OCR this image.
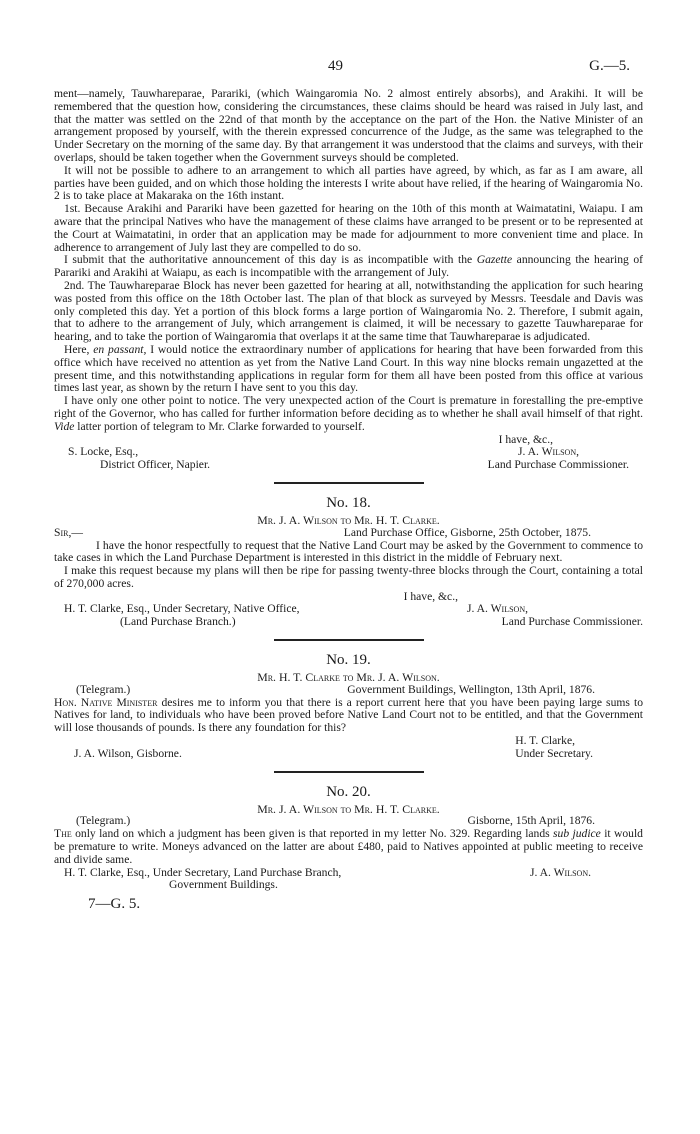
49	G.—5.

ment—namely, Tauwhareparae, Parariki, (which Waingaromia No. 2 almost entirely absorbs), and Arakihi. It will be remembered that the question how, considering the circumstances, these claims should be heard was raised in July last, and that the matter was settled on the 22nd of that month by the acceptance on the part of the Hon. the Native Minister of an arrangement proposed by yourself, with the therein expressed concurrence of the Judge, as the same was telegraphed to the Under Secretary on the morning of the same day. By that arrangement it was understood that the claims and surveys, with their overlaps, should be taken together when the Government surveys should be completed.

It will not be possible to adhere to an arrangement to which all parties have agreed, by which, as far as I am aware, all parties have been guided, and on which those holding the interests I write about have relied, if the hearing of Waingaromia No. 2 is to take place at Makaraka on the 16th instant.

1st. Because Arakihi and Parariki have been gazetted for hearing on the 10th of this month at Waimatatini, Waiapu. I am aware that the principal Natives who have the management of these claims have arranged to be present or to be represented at the Court at Waimatatini, in order that an application may be made for adjournment to more convenient time and place. In adherence to arrangement of July last they are compelled to do so.

I submit that the authoritative announcement of this day is as incompatible with the Gazette announcing the hearing of Parariki and Arakihi at Waiapu, as each is incompatible with the arrangement of July.

2nd. The Tauwhareparae Block has never been gazetted for hearing at all, notwithstanding the application for such hearing was posted from this office on the 18th October last. The plan of that block as surveyed by Messrs. Teesdale and Davis was only completed this day. Yet a portion of this block forms a large portion of Waingaromia No. 2. Therefore, I submit again, that to adhere to the arrangement of July, which arrangement is claimed, it will be necessary to gazette Tauwhareparae for hearing, and to take the portion of Waingaromia that overlaps it at the same time that Tauwhareparae is adjudicated.

Here, en passant, I would notice the extraordinary number of applications for hearing that have been forwarded from this office which have received no attention as yet from the Native Land Court. In this way nine blocks remain ungazetted at the present time, and this notwithstanding applications in regular form for them all have been posted from this office at various times last year, as shown by the return I have sent to you this day.

I have only one other point to notice. The very unexpected action of the Court is premature in forestalling the pre-emptive right of the Governor, who has called for further information before deciding as to whether he shall avail himself of that right. Vide latter portion of telegram to Mr. Clarke forwarded to yourself.

I have, &c.,

S. Locke, Esq.,	J. A. Wilson,
District Officer, Napier.	Land Purchase Commissioner.

No. 18.

Mr. J. A. Wilson to Mr. H. T. Clarke.

Sir,—	Land Purchase Office, Gisborne, 25th October, 1875.

I have the honor respectfully to request that the Native Land Court may be asked by the Government to commence to take cases in which the Land Purchase Department is interested in this district in the middle of February next.

I make this request because my plans will then be ripe for passing twenty-three blocks through the Court, containing a total of 270,000 acres.

I have, &c.,

H. T. Clarke, Esq., Under Secretary, Native Office,	J. A. Wilson,
(Land Purchase Branch.)	Land Purchase Commissioner.

No. 19.

Mr. H. T. Clarke to Mr. J. A. Wilson.

(Telegram.)	Government Buildings, Wellington, 13th April, 1876.

Hon. Native Minister desires me to inform you that there is a report current here that you have been paying large sums to Natives for land, to individuals who have been proved before Native Land Court not to be entitled, and that the Government will lose thousands of pounds. Is there any foundation for this?

H. T. Clarke,

J. A. Wilson, Gisborne.	Under Secretary.

No. 20.

Mr. J. A. Wilson to Mr. H. T. Clarke.

(Telegram.)	Gisborne, 15th April, 1876.

The only land on which a judgment has been given is that reported in my letter No. 329. Regarding lands sub judice it would be premature to write. Moneys advanced on the latter are about £480, paid to Natives appointed at public meeting to receive and divide same.

H. T. Clarke, Esq., Under Secretary, Land Purchase Branch,	J. A. Wilson.

Government Buildings.

7—G. 5.
